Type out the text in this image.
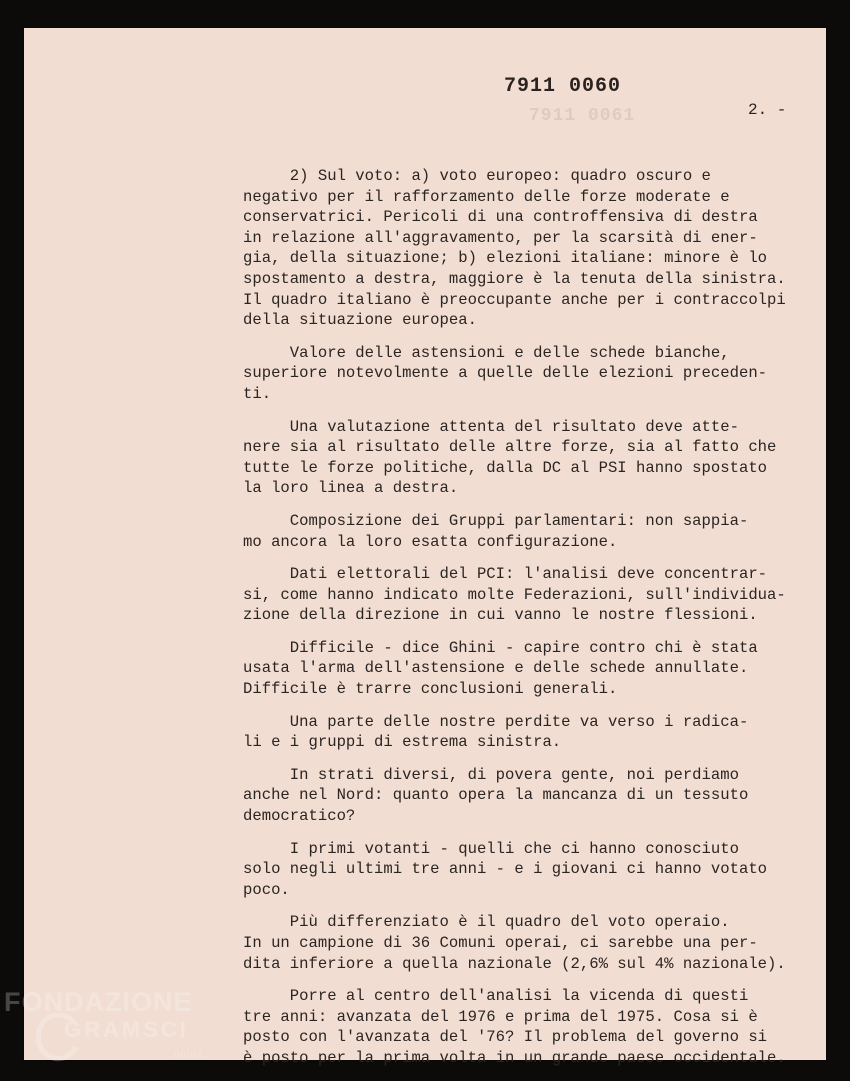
7911 0061

7911 0060

2. -

2) Sul voto: a) voto europeo: quadro oscuro e
negativo per il rafforzamento delle forze moderate e
conservatrici. Pericoli di una controffensiva di destra
in relazione all'aggravamento, per la scarsità di ener-
gia, della situazione; b) elezioni italiane: minore è lo
spostamento a destra, maggiore è la tenuta della sinistra.
Il quadro italiano è preoccupante anche per i contraccolpi
della situazione europea.

Valore delle astensioni e delle schede bianche,
superiore notevolmente a quelle delle elezioni preceden-
ti.

Una valutazione attenta del risultato deve atte-
nere sia al risultato delle altre forze, sia al fatto che
tutte le forze politiche, dalla DC al PSI hanno spostato
la loro linea a destra.

Composizione dei Gruppi parlamentari: non sappia-
mo ancora la loro esatta configurazione.

Dati elettorali del PCI: l'analisi deve concentrar-
si, come hanno indicato molte Federazioni, sull'individua-
zione della direzione in cui vanno le nostre flessioni.

Difficile - dice Ghini - capire contro chi è stata
usata l'arma dell'astensione e delle schede annullate.
Difficile è trarre conclusioni generali.

Una parte delle nostre perdite va verso i radica-
li e i gruppi di estrema sinistra.

In strati diversi, di povera gente, noi perdiamo
anche nel Nord: quanto opera la mancanza di un tessuto
democratico?

I primi votanti - quelli che ci hanno conosciuto
solo negli ultimi tre anni - e i giovani ci hanno votato
poco.

Più differenziato è il quadro del voto operaio.
In un campione di 36 Comuni operai, ci sarebbe una per-
dita inferiore a quella nazionale (2,6% sul 4% nazionale).

Porre al centro dell'analisi la vicenda di questi
tre anni: avanzata del 1976 e prima del 1975. Cosa si è
posto con l'avanzata del '76? Il problema del governo si
è posto per la prima volta in un grande paese occidentale.

FONDAZIONE
GRAMSCI
onlus
